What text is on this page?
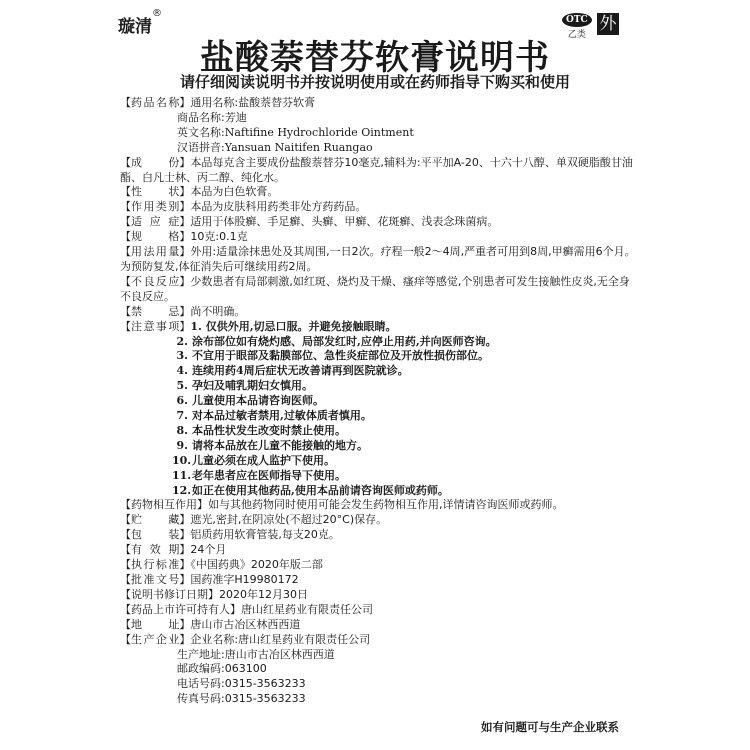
璇清®
OTC
乙类
外
盐酸萘替芬软膏说明书
请仔细阅读说明书并按说明使用或在药师指导下购买和使用
【药品名称】通用名称:盐酸萘替芬软膏
商品名称:芳迪
英文名称:Naftifine Hydrochloride Ointment
汉语拼音:Yansuan Naitifen Ruangao
【成份】本品每克含主要成份盐酸萘替芬10毫克,辅料为:平平加A-20、十六十八醇、单双硬脂酸甘油酯、白凡士林、丙二醇、纯化水。
【性状】本品为白色软膏。
【作用类别】本品为皮肤科用药类非处方药药品。
【适应症】适用于体股癣、手足癣、头癣、甲癣、花斑癣、浅表念珠菌病。
【规格】10克:0.1克
【用法用量】外用:适量涂抹患处及其周围,一日2次。疗程一般2～4周,严重者可用到8周,甲癣需用6个月。为预防复发,体征消失后可继续用药2周。
【不良反应】少数患者有局部刺激,如红斑、烧灼及干燥、瘙痒等感觉,个别患者可发生接触性皮炎,无全身不良反应。
【禁忌】尚不明确。
【注意事项】1. 仅供外用,切忌口服。并避免接触眼睛。
2. 涂布部位如有烧灼感、局部发红时,应停止用药,并向医师咨询。
3. 不宜用于眼部及黏膜部位、急性炎症部位及开放性损伤部位。
4. 连续用药4周后症状无改善请再到医院就诊。
5. 孕妇及哺乳期妇女慎用。
6. 儿童使用本品请咨询医师。
7. 对本品过敏者禁用,过敏体质者慎用。
8. 本品性状发生改变时禁止使用。
9. 请将本品放在儿童不能接触的地方。
10.儿童必须在成人监护下使用。
11.老年患者应在医师指导下使用。
12.如正在使用其他药品,使用本品前请咨询医师或药师。
【药物相互作用】如与其他药物同时使用可能会发生药物相互作用,详情请咨询医师或药师。
【贮藏】遮光,密封,在阴凉处(不超过20°C)保存。
【包装】铝质药用软膏管装,每支20克。
【有效期】24个月
【执行标准】《中国药典》2020年版二部
【批准文号】国药准字H19980172
【说明书修订日期】2020年12月30日
【药品上市许可持有人】唐山红星药业有限责任公司
【地址】唐山市古冶区林西西道
【生产企业】企业名称:唐山红星药业有限责任公司
生产地址:唐山市古冶区林西西道
邮政编码:063100
电话号码:0315-3563233
传真号码:0315-3563233
如有问题可与生产企业联系
